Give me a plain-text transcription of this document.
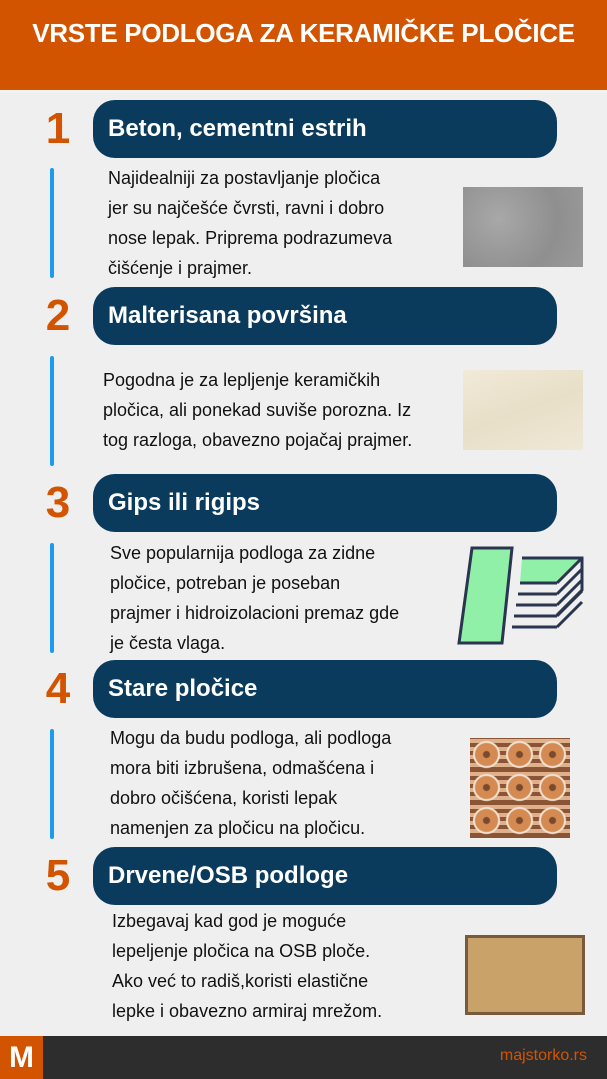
VRSTE PODLOGA ZA KERAMIČKE PLOČICE
1	Beton, cementni estrih
Najidealniji za postavljanje pločica
jer su najčešće čvrsti, ravni i dobro
nose lepak. Priprema podrazumeva
čišćenje i prajmer.
2	Malterisana površina
Pogodna je za lepljenje keramičkih
pločica, ali ponekad suviše porozna. Iz
tog razloga, obavezno pojačaj prajmer.
3	Gips ili rigips
Sve popularnija podloga za zidne
pločice, potreban je poseban
prajmer i hidroizolacioni premaz gde
je česta vlaga.
4	Stare pločice
Mogu da budu podloga, ali podloga
mora biti izbrušena, odmašćena i
dobro očišćena, koristi lepak
namenjen za pločicu na pločicu.
5	Drvene/OSB podloge
Izbegavaj kad god je moguće
lepeljenje pločica na OSB ploče.
Ako već to radiš,koristi elastične
lepke i obavezno armiraj mrežom.
M	majstorko.rs
